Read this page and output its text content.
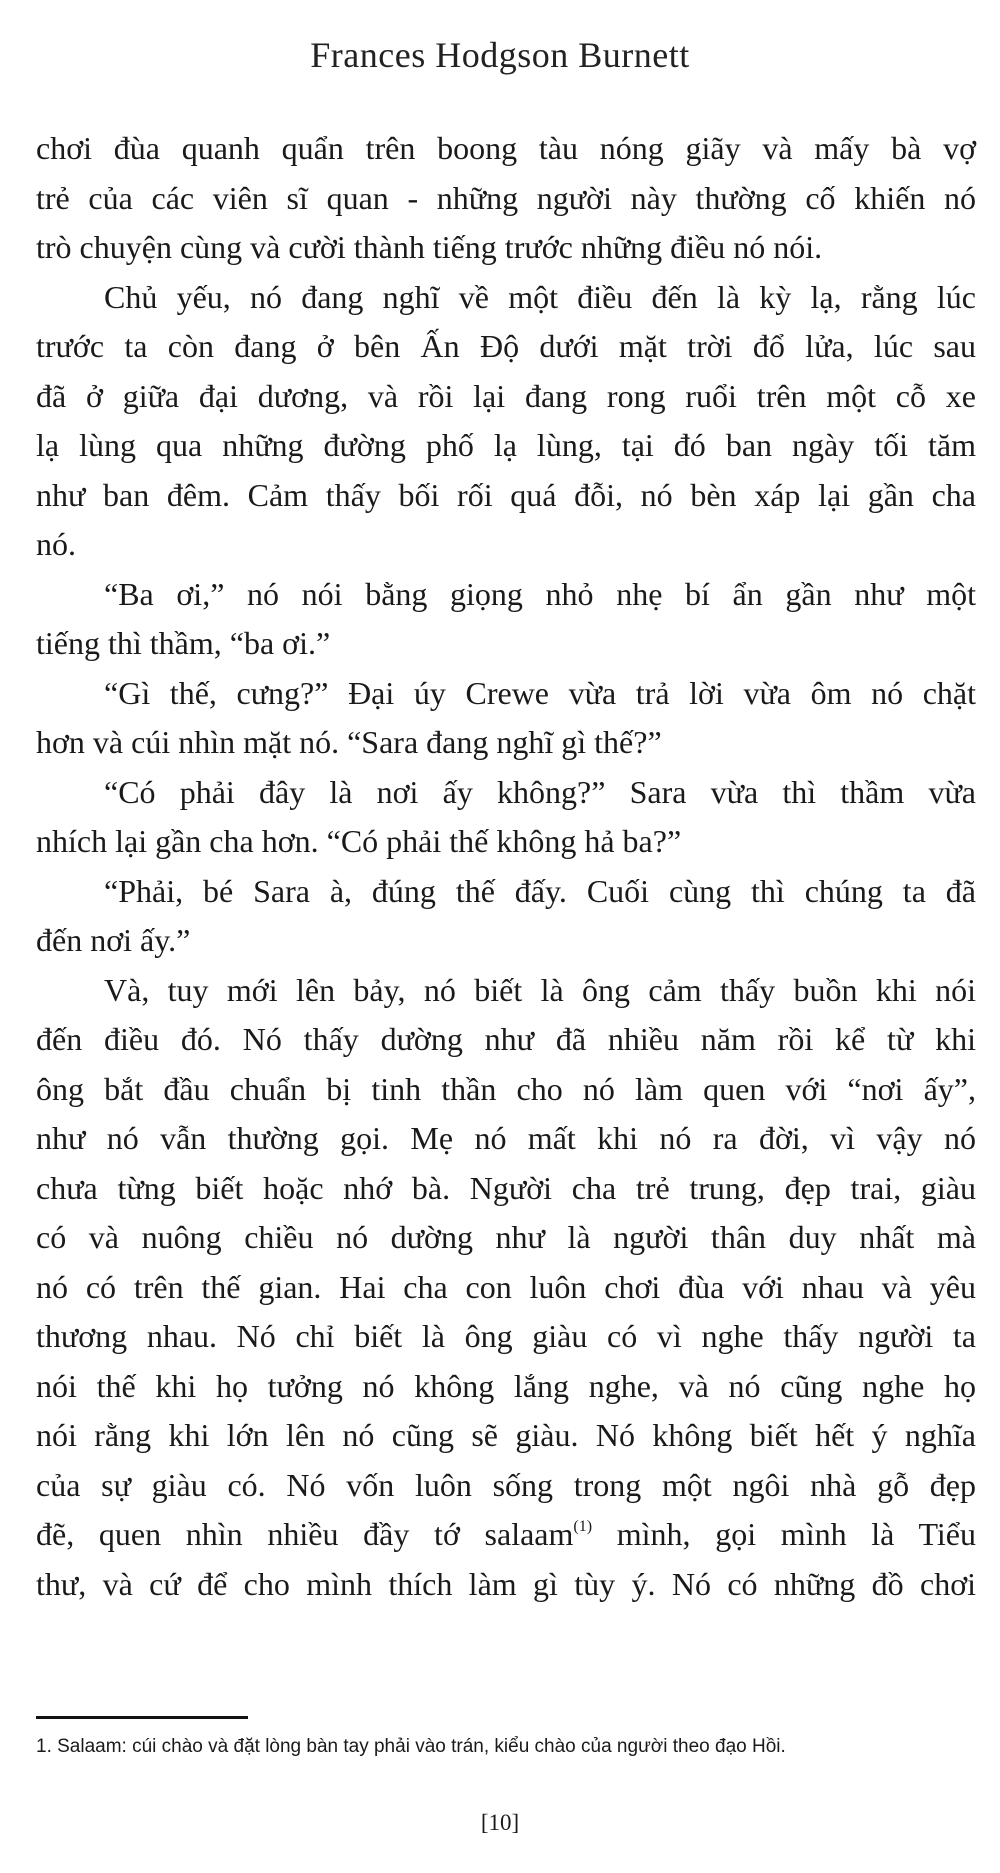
Frances Hodgson Burnett
chơi đùa quanh quẩn trên boong tàu nóng giãy và mấy bà vợ
trẻ của các viên sĩ quan - những người này thường cố khiến nó
trò chuyện cùng và cười thành tiếng trước những điều nó nói.
Chủ yếu, nó đang nghĩ về một điều đến là kỳ lạ, rằng lúc
trước ta còn đang ở bên Ấn Độ dưới mặt trời đổ lửa, lúc sau
đã ở giữa đại dương, và rồi lại đang rong ruổi trên một cỗ xe
lạ lùng qua những đường phố lạ lùng, tại đó ban ngày tối tăm
như ban đêm. Cảm thấy bối rối quá đỗi, nó bèn xáp lại gần cha
nó.
“Ba ơi,” nó nói bằng giọng nhỏ nhẹ bí ẩn gần như một
tiếng thì thầm, “ba ơi.”
“Gì thế, cưng?” Đại úy Crewe vừa trả lời vừa ôm nó chặt
hơn và cúi nhìn mặt nó. “Sara đang nghĩ gì thế?”
“Có phải đây là nơi ấy không?” Sara vừa thì thầm vừa
nhích lại gần cha hơn. “Có phải thế không hả ba?”
“Phải, bé Sara à, đúng thế đấy. Cuối cùng thì chúng ta đã
đến nơi ấy.”
Và, tuy mới lên bảy, nó biết là ông cảm thấy buồn khi nói
đến điều đó. Nó thấy dường như đã nhiều năm rồi kể từ khi
ông bắt đầu chuẩn bị tinh thần cho nó làm quen với “nơi ấy”,
như nó vẫn thường gọi. Mẹ nó mất khi nó ra đời, vì vậy nó
chưa từng biết hoặc nhớ bà. Người cha trẻ trung, đẹp trai, giàu
có và nuông chiều nó dường như là người thân duy nhất mà
nó có trên thế gian. Hai cha con luôn chơi đùa với nhau và yêu
thương nhau. Nó chỉ biết là ông giàu có vì nghe thấy người ta
nói thế khi họ tưởng nó không lắng nghe, và nó cũng nghe họ
nói rằng khi lớn lên nó cũng sẽ giàu. Nó không biết hết ý nghĩa
của sự giàu có. Nó vốn luôn sống trong một ngôi nhà gỗ đẹp
đẽ, quen nhìn nhiều đầy tớ salaam$^{(1)}$ mình, gọi mình là Tiểu
thư, và cứ để cho mình thích làm gì tùy ý. Nó có những đồ chơi
1. Salaam: cúi chào và đặt lòng bàn tay phải vào trán, kiểu chào của người theo đạo Hồi.
[10]
